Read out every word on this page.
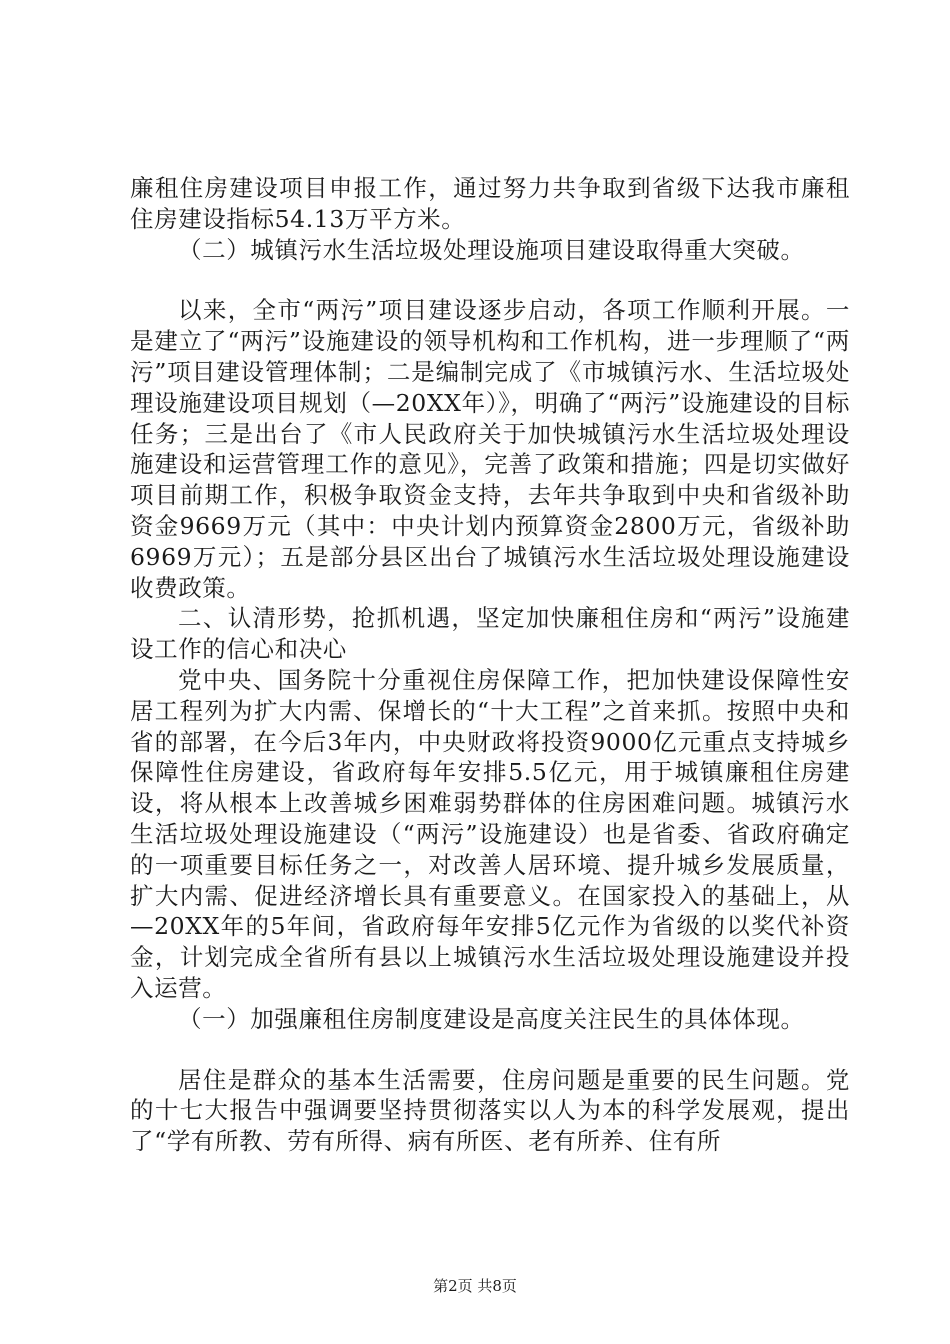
廉租住房建设项目申报工作，通过努力共争取到省级下达我市廉租住房建设指标54.13万平方米。

（二）城镇污水生活垃圾处理设施项目建设取得重大突破。

以来，全市“两污”项目建设逐步启动，各项工作顺利开展。一是建立了“两污”设施建设的领导机构和工作机构，进一步理顺了“两污”项目建设管理体制；二是编制完成了《市城镇污水、生活垃圾处理设施建设项目规划（—20XX年）》，明确了“两污”设施建设的目标任务；三是出台了《市人民政府关于加快城镇污水生活垃圾处理设施建设和运营管理工作的意见》，完善了政策和措施；四是切实做好项目前期工作，积极争取资金支持，去年共争取到中央和省级补助资金9669万元（其中：中央计划内预算资金2800万元，省级补助6969万元）；五是部分县区出台了城镇污水生活垃圾处理设施建设收费政策。

二、认清形势，抢抓机遇，坚定加快廉租住房和“两污”设施建设工作的信心和决心

党中央、国务院十分重视住房保障工作，把加快建设保障性安居工程列为扩大内需、保增长的“十大工程”之首来抓。按照中央和省的部署，在今后3年内，中央财政将投资9000亿元重点支持城乡保障性住房建设，省政府每年安排5.5亿元，用于城镇廉租住房建设，将从根本上改善城乡困难弱势群体的住房困难问题。城镇污水生活垃圾处理设施建设（“两污”设施建设）也是省委、省政府确定的一项重要目标任务之一，对改善人居环境、提升城乡发展质量，扩大内需、促进经济增长具有重要意义。在国家投入的基础上，从—20XX年的5年间，省政府每年安排5亿元作为省级的以奖代补资金，计划完成全省所有县以上城镇污水生活垃圾处理设施建设并投入运营。

（一）加强廉租住房制度建设是高度关注民生的具体体现。

居住是群众的基本生活需要，住房问题是重要的民生问题。党的十七大报告中强调要坚持贯彻落实以人为本的科学发展观，提出了“学有所教、劳有所得、病有所医、老有所养、住有所

第2页 共8页
